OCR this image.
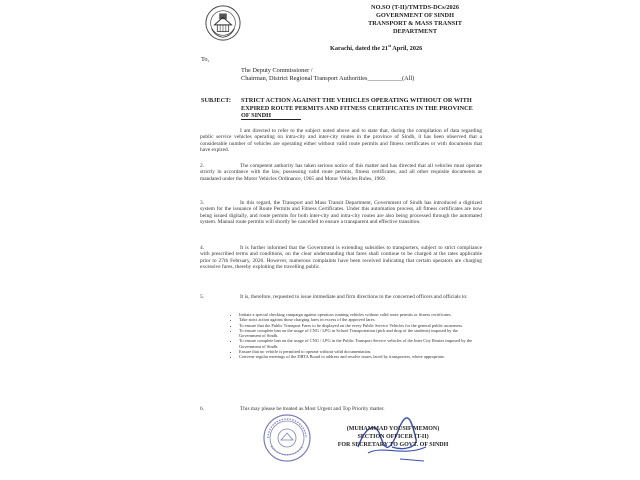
NO.SO (T-II)/TMTDS-DCs/2026
GOVERNMENT OF SINDH
TRANSPORT & MASS TRANSIT
DEPARTMENT
Karachi, dated the 21st April, 2026
To,
The Deputy Commissioner /
Chairman, District Regional Transport Authorities___________(All)
SUBJECT: STRICT ACTION AGAINST THE VEHICLES OPERATING WITHOUT OR WITH EXPIRED ROUTE PERMITS AND FITNESS CERTIFICATES IN THE PROVINCE OF SINDH
I am directed to refer to the subject noted above and to state that, during the compilation of data regarding public service vehicles operating on intra-city and inter-city routes in the province of Sindh, it has been observed that a considerable number of vehicles are operating either without valid route permits and fitness certificates or with documents that have expired.
2.	The competent authority has taken serious notice of this matter and has directed that all vehicles must operate strictly in accordance with the law, possessing valid route permits, fitness certificates, and all other requisite documents as mandated under the Motor Vehicles Ordinance, 1965 and Motor Vehicles Rules, 1969.
3.	In this regard, the Transport and Mass Transit Department, Government of Sindh has introduced a digitized system for the issuance of Route Permits and Fitness Certificates. Under this automation process, all fitness certificates are now being issued digitally, and route permits for both inter-city and intra-city routes are also being processed through the automated system. Manual route permits will shortly be cancelled to ensure a transparent and effective transition.
4.	It is further informed that the Government is extending subsidies to transporters, subject to strict compliance with prescribed terms and conditions, on the clear understanding that fares shall continue to be charged at the rates applicable prior to 27th February, 2026. However, numerous complaints have been received indicating that certain operators are charging excessive fares, thereby exploiting the travelling public.
5.	It is, therefore, requested to issue immediate and firm directions to the concerned officers and officials to:
• Initiate a special checking campaign against operators running vehicles without valid route permits or fitness certificates.
• Take strict action against those charging fares in excess of the approved fares.
• To ensure that the Public Transport Fares to be displayed on the every Public Service Vehicles for the general public awareness.
• To ensure complete ban on the usage of CNG / LPG in School Transportation (pick and drop of the students) imposed by the Government of Sindh.
• To ensure complete ban on the usage of CNG / LPG in the Public Transport Service vehicles of the Inter City Routes imposed by the Government of Sindh.
• Ensure that no vehicle is permitted to operate without valid documentation.
• Convene regular meetings of the DRTA Board to address and resolve issues faced by transporters, where appropriate.
6.	This may please be treated as Most Urgent and Top Priority matter.
(MUHAMMAD YOUSIF MEMON)
SECTION OFFICER (T-II)
FOR SECRETARY TO GOVT. OF SINDH
